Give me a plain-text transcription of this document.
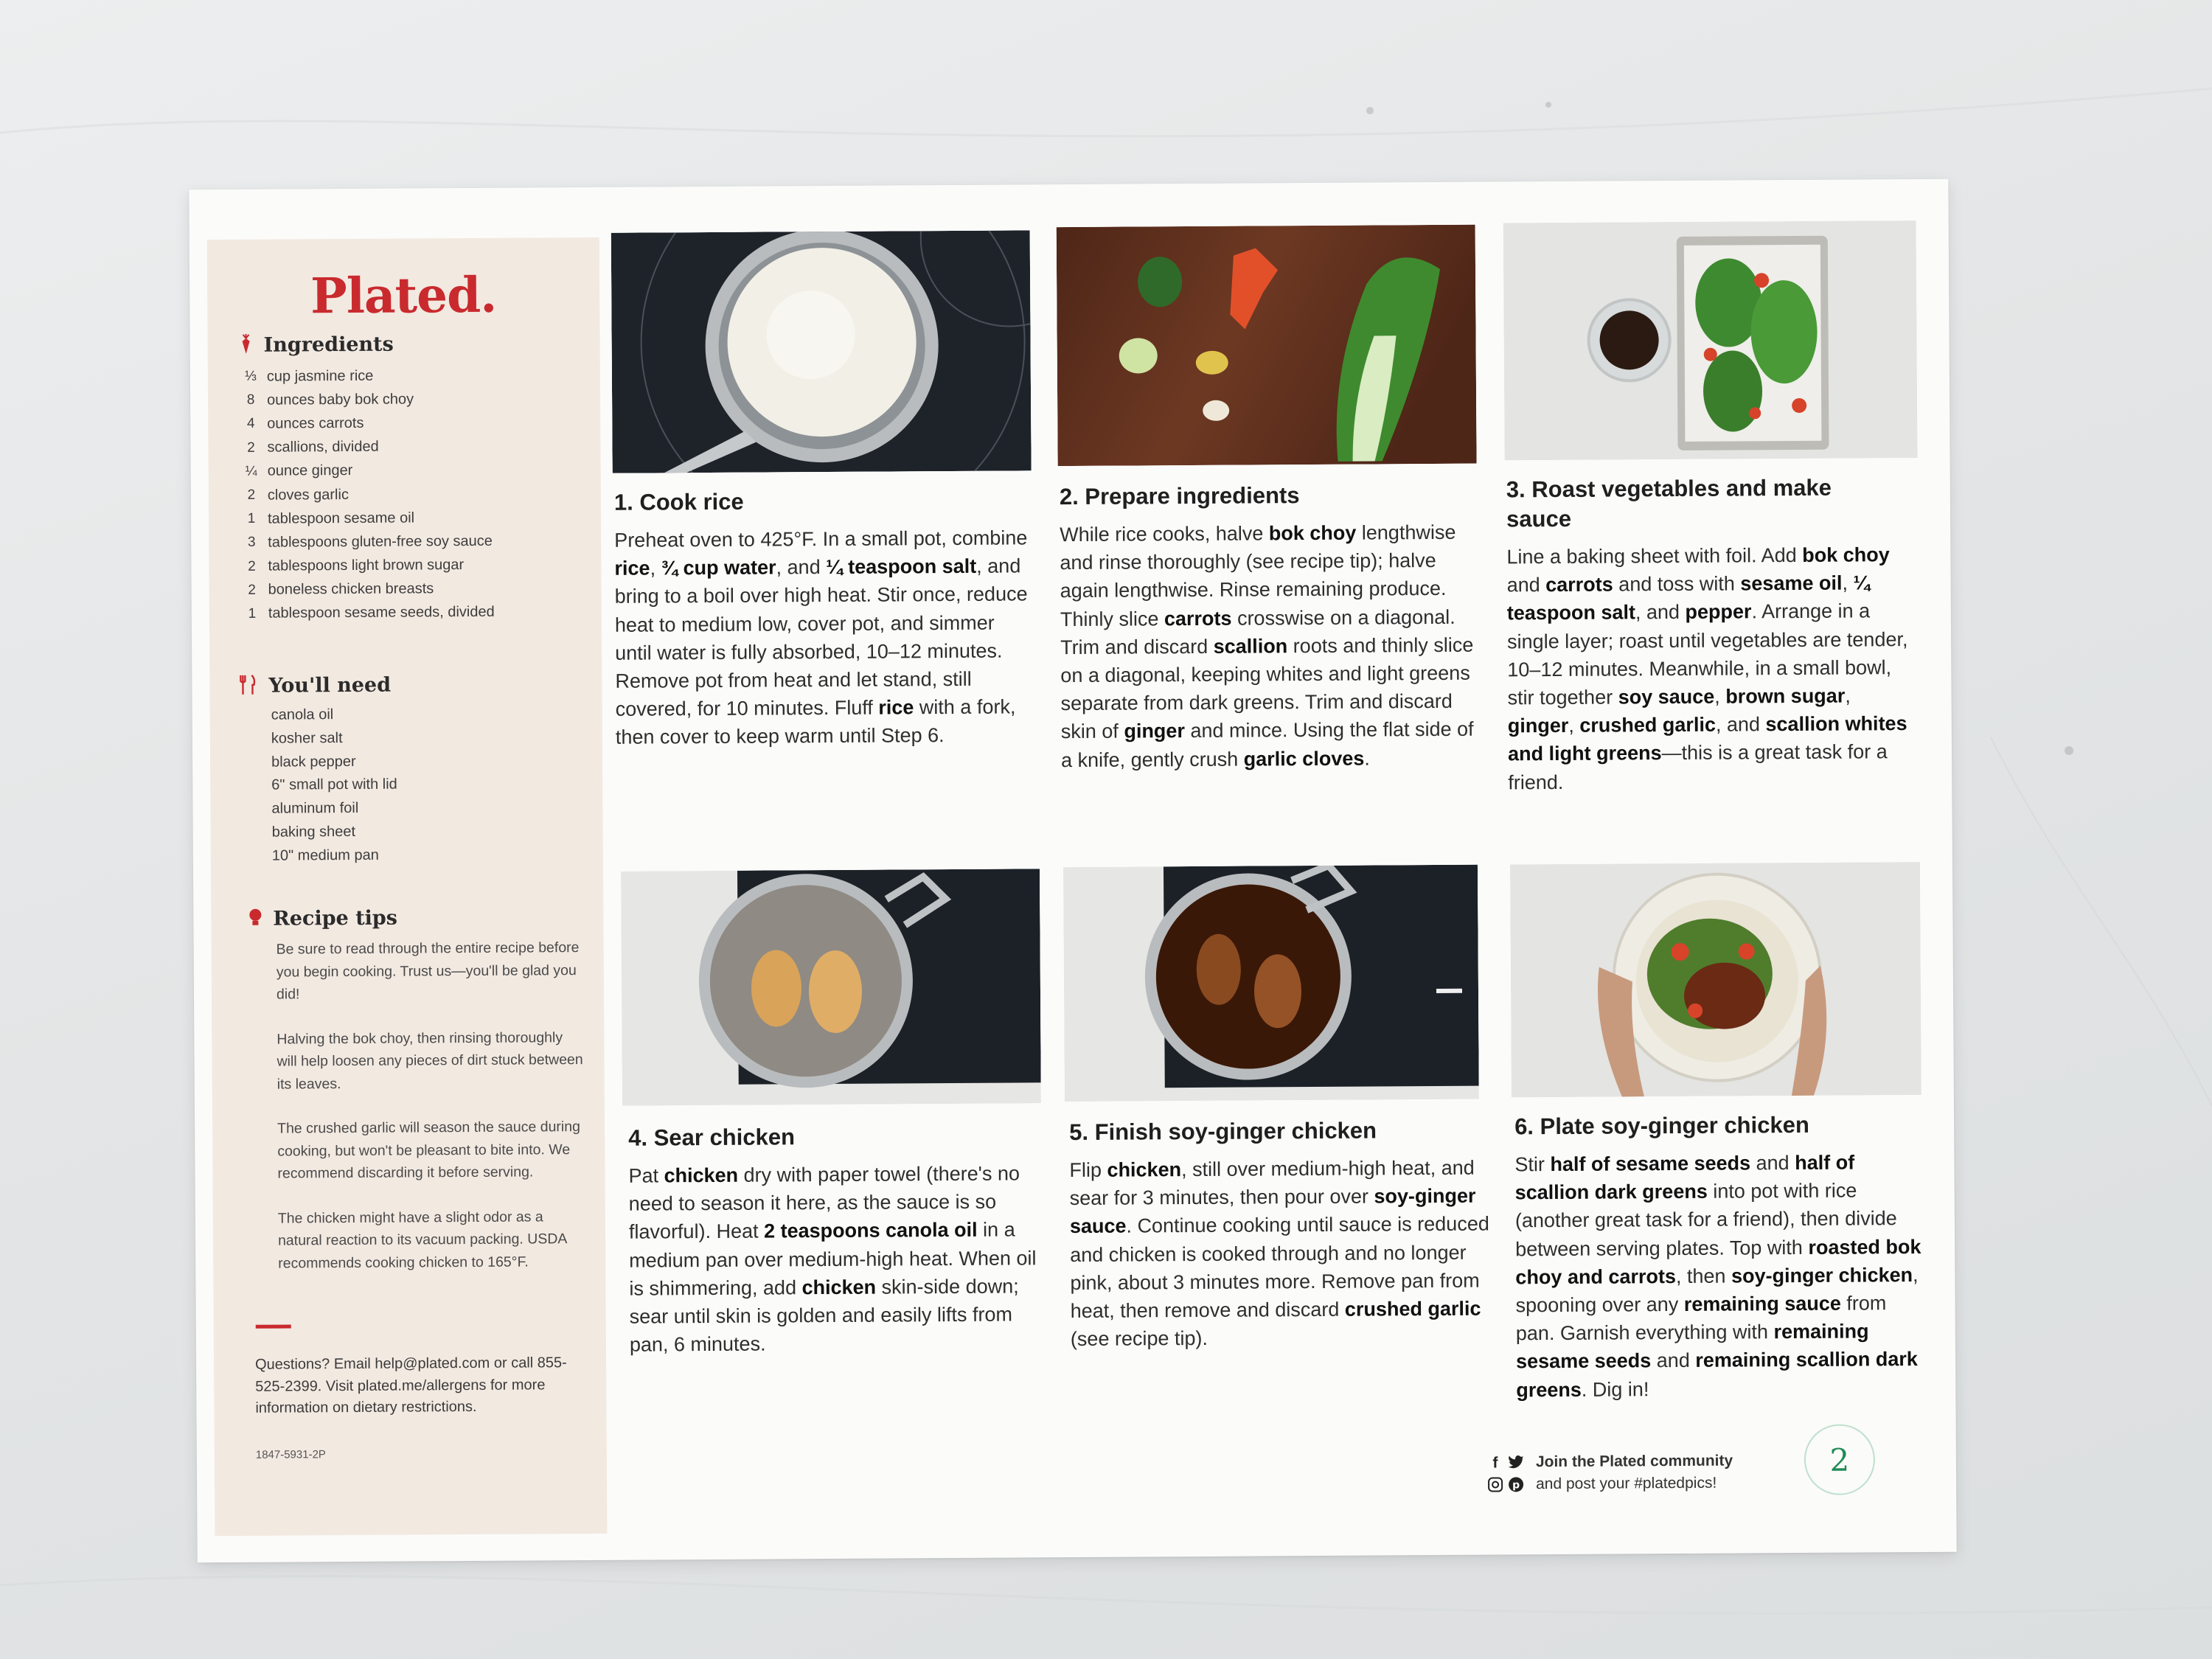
Plated.
Ingredients
⅓ cup jasmine rice
8 ounces baby bok choy
4 ounces carrots
2 scallions, divided
¼ ounce ginger
2 cloves garlic
1 tablespoon sesame oil
3 tablespoons gluten-free soy sauce
2 tablespoons light brown sugar
2 boneless chicken breasts
1 tablespoon sesame seeds, divided
You'll need
canola oil
kosher salt
black pepper
6" small pot with lid
aluminum foil
baking sheet
10" medium pan
Recipe tips
Be sure to read through the entire recipe before you begin cooking. Trust us—you'll be glad you did!
Halving the bok choy, then rinsing thoroughly will help loosen any pieces of dirt stuck between its leaves.
The crushed garlic will season the sauce during cooking, but won't be pleasant to bite into. We recommend discarding it before serving.
The chicken might have a slight odor as a natural reaction to its vacuum packing. USDA recommends cooking chicken to 165°F.
Questions? Email help@plated.com or call 855-525-2399. Visit plated.me/allergens for more information on dietary restrictions.
1847-5931-2P
1. Cook rice
Preheat oven to 425°F. In a small pot, combine rice, ¾ cup water, and ¼ teaspoon salt, and bring to a boil over high heat. Stir once, reduce heat to medium low, cover pot, and simmer until water is fully absorbed, 10–12 minutes. Remove pot from heat and let stand, still covered, for 10 minutes. Fluff rice with a fork, then cover to keep warm until Step 6.
2. Prepare ingredients
While rice cooks, halve bok choy lengthwise and rinse thoroughly (see recipe tip); halve again lengthwise. Rinse remaining produce. Thinly slice carrots crosswise on a diagonal. Trim and discard scallion roots and thinly slice on a diagonal, keeping whites and light greens separate from dark greens. Trim and discard skin of ginger and mince. Using the flat side of a knife, gently crush garlic cloves.
3. Roast vegetables and make sauce
Line a baking sheet with foil. Add bok choy and carrots and toss with sesame oil, ¼ teaspoon salt, and pepper. Arrange in a single layer; roast until vegetables are tender, 10–12 minutes. Meanwhile, in a small bowl, stir together soy sauce, brown sugar, ginger, crushed garlic, and scallion whites and light greens—this is a great task for a friend.
4. Sear chicken
Pat chicken dry with paper towel (there's no need to season it here, as the sauce is so flavorful). Heat 2 teaspoons canola oil in a medium pan over medium-high heat. When oil is shimmering, add chicken skin-side down; sear until skin is golden and easily lifts from pan, 6 minutes.
5. Finish soy-ginger chicken
Flip chicken, still over medium-high heat, and sear for 3 minutes, then pour over soy-ginger sauce. Continue cooking until sauce is reduced and chicken is cooked through and no longer pink, about 3 minutes more. Remove pan from heat, then remove and discard crushed garlic (see recipe tip).
6. Plate soy-ginger chicken
Stir half of sesame seeds and half of scallion dark greens into pot with rice (another great task for a friend), then divide between serving plates. Top with roasted bok choy and carrots, then soy-ginger chicken, spooning over any remaining sauce from pan. Garnish everything with remaining sesame seeds and remaining scallion dark greens. Dig in!
f	Join the Plated community
p and post your #platedpics!
2
